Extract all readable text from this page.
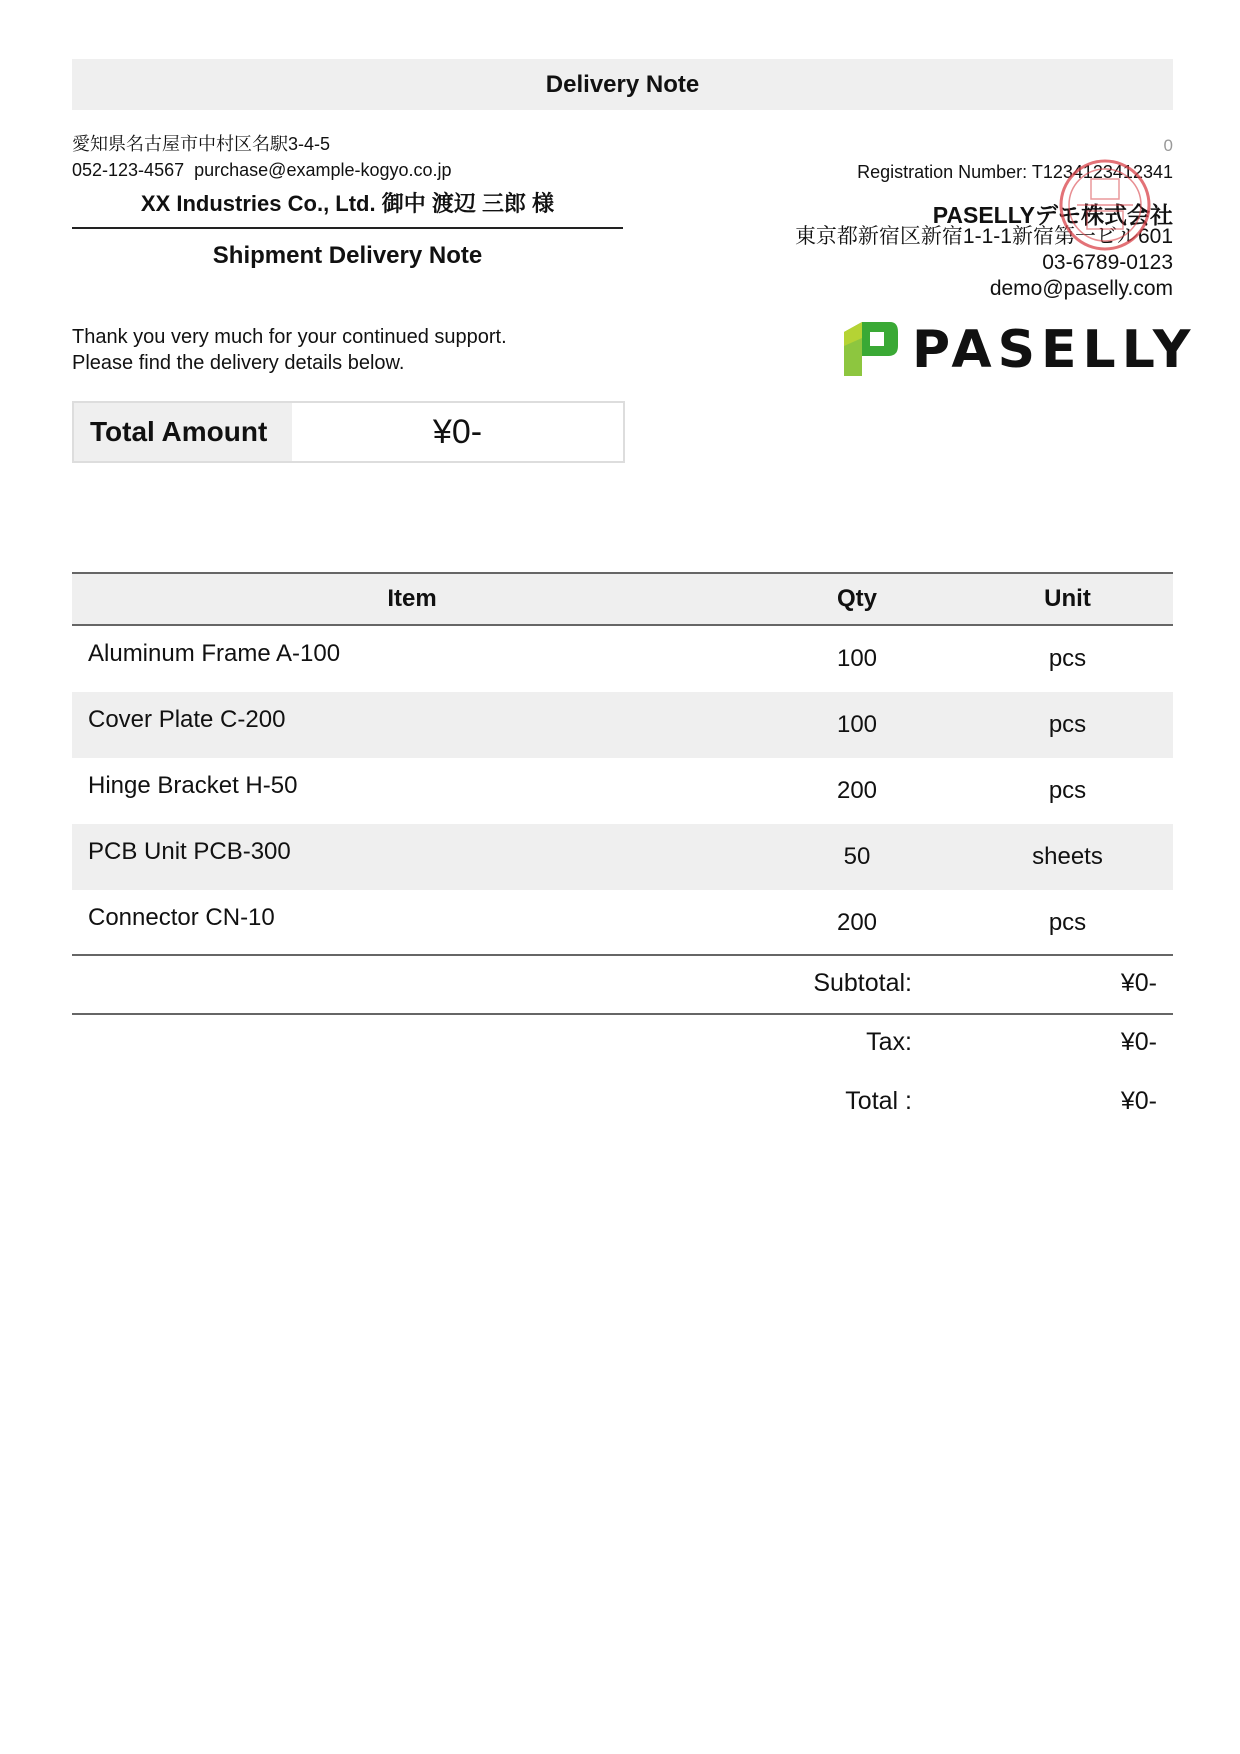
Delivery Note
愛知県名古屋市中村区名駅3-4-5
052-123-4567 purchase@example-kogyo.co.jp
XX Industries Co., Ltd. 御中 渡辺 三郎 様
Shipment Delivery Note
Thank you very much for your continued support.
Please find the delivery details below.
Total Amount	¥0-
0
Registration Number: T1234123412341
PASELLYデモ株式会社
東京都新宿区新宿1-1-1新宿第一ビル601
03-6789-0123
demo@paselly.com
PASELLY
Item	Qty	Unit
Aluminum Frame A-100	100	pcs
Cover Plate C-200	100	pcs
Hinge Bracket H-50	200	pcs
PCB Unit PCB-300	50	sheets
Connector CN-10	200	pcs
Subtotal:	¥0-
Tax:	¥0-
Total :	¥0-
